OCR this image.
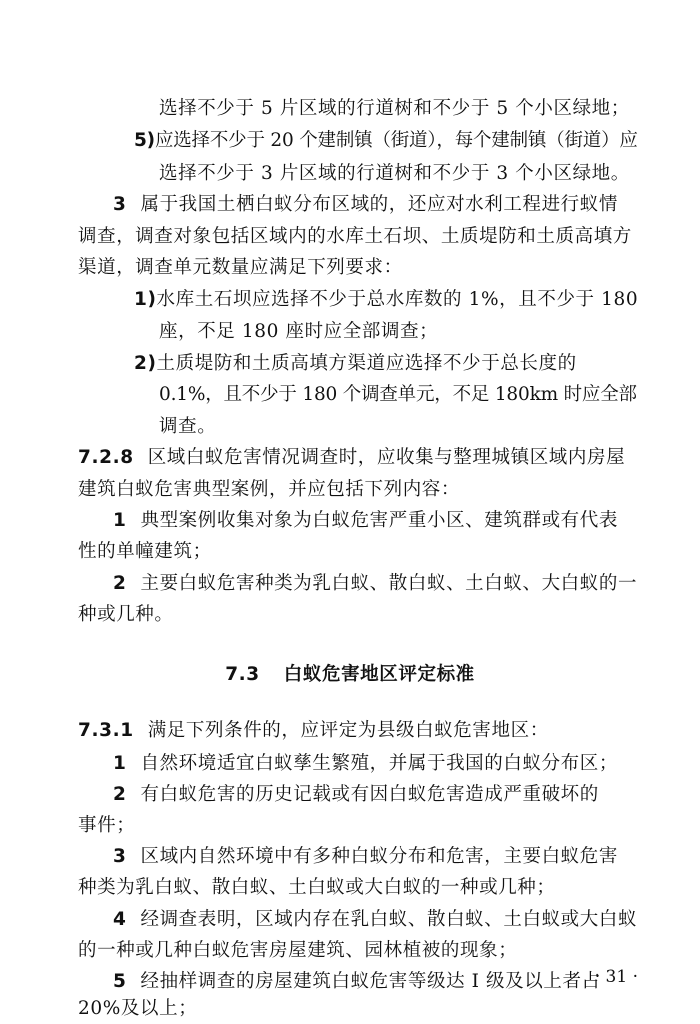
选择不少于 5 片区域的行道树和不少于 5 个小区绿地；
5)应选择不少于 20 个建制镇（街道），每个建制镇（街道）应
选择不少于 3 片区域的行道树和不少于 3 个小区绿地。
3 属于我国土栖白蚁分布区域的，还应对水利工程进行蚁情
调查，调查对象包括区域内的水库土石坝、土质堤防和土质高填方
渠道，调查单元数量应满足下列要求：
1)水库土石坝应选择不少于总水库数的 1%，且不少于 180
座，不足 180 座时应全部调查；
2)土质堤防和土质高填方渠道应选择不少于总长度的
0.1%，且不少于 180 个调查单元，不足 180km 时应全部
调查。
7.2.8 区域白蚁危害情况调查时，应收集与整理城镇区域内房屋
建筑白蚁危害典型案例，并应包括下列内容：
1 典型案例收集对象为白蚁危害严重小区、建筑群或有代表
性的单幢建筑；
2 主要白蚁危害种类为乳白蚁、散白蚁、土白蚁、大白蚁的一
种或几种。
7.3 白蚁危害地区评定标准
7.3.1 满足下列条件的，应评定为县级白蚁危害地区：
1 自然环境适宜白蚁孳生繁殖，并属于我国的白蚁分布区；
2 有白蚁危害的历史记载或有因白蚁危害造成严重破坏的
事件；
3 区域内自然环境中有多种白蚁分布和危害，主要白蚁危害
种类为乳白蚁、散白蚁、土白蚁或大白蚁的一种或几种；
4 经调查表明，区域内存在乳白蚁、散白蚁、土白蚁或大白蚁
的一种或几种白蚁危害房屋建筑、园林植被的现象；
5 经抽样调查的房屋建筑白蚁危害等级达 Ⅰ 级及以上者占
20%及以上；
· 31 ·
